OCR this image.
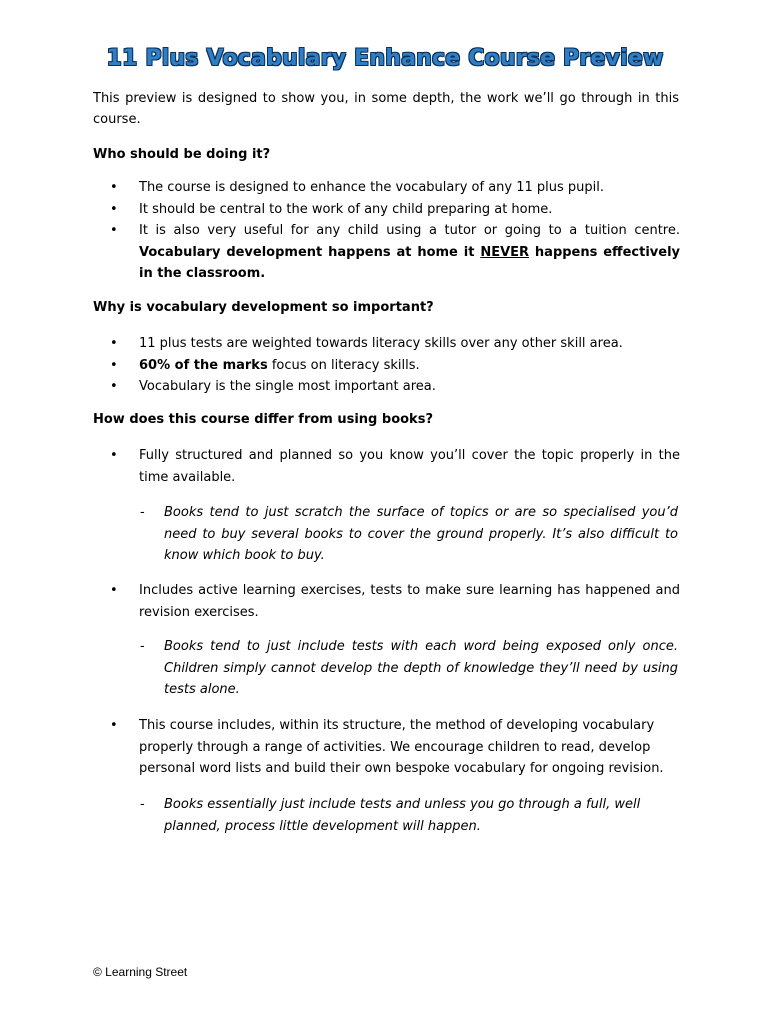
11 Plus Vocabulary Enhance Course Preview
This preview is designed to show you, in some depth, the work we’ll go through in this course.
Who should be doing it?
• The course is designed to enhance the vocabulary of any 11 plus pupil.
• It should be central to the work of any child preparing at home.
• It is also very useful for any child using a tutor or going to a tuition centre. Vocabulary development happens at home it NEVER happens effectively in the classroom.
Why is vocabulary development so important?
• 11 plus tests are weighted towards literacy skills over any other skill area.
• 60% of the marks focus on literacy skills.
• Vocabulary is the single most important area.
How does this course differ from using books?
• Fully structured and planned so you know you’ll cover the topic properly in the time available.
-	Books tend to just scratch the surface of topics or are so specialised you’d need to buy several books to cover the ground properly. It’s also difficult to know which book to buy.
• Includes active learning exercises, tests to make sure learning has happened and revision exercises.
-	Books tend to just include tests with each word being exposed only once. Children simply cannot develop the depth of knowledge they’ll need by using tests alone.
• This course includes, within its structure, the method of developing vocabulary properly through a range of activities. We encourage children to read, develop personal word lists and build their own bespoke vocabulary for ongoing revision.
-	Books essentially just include tests and unless you go through a full, well planned, process little development will happen.
© Learning Street
